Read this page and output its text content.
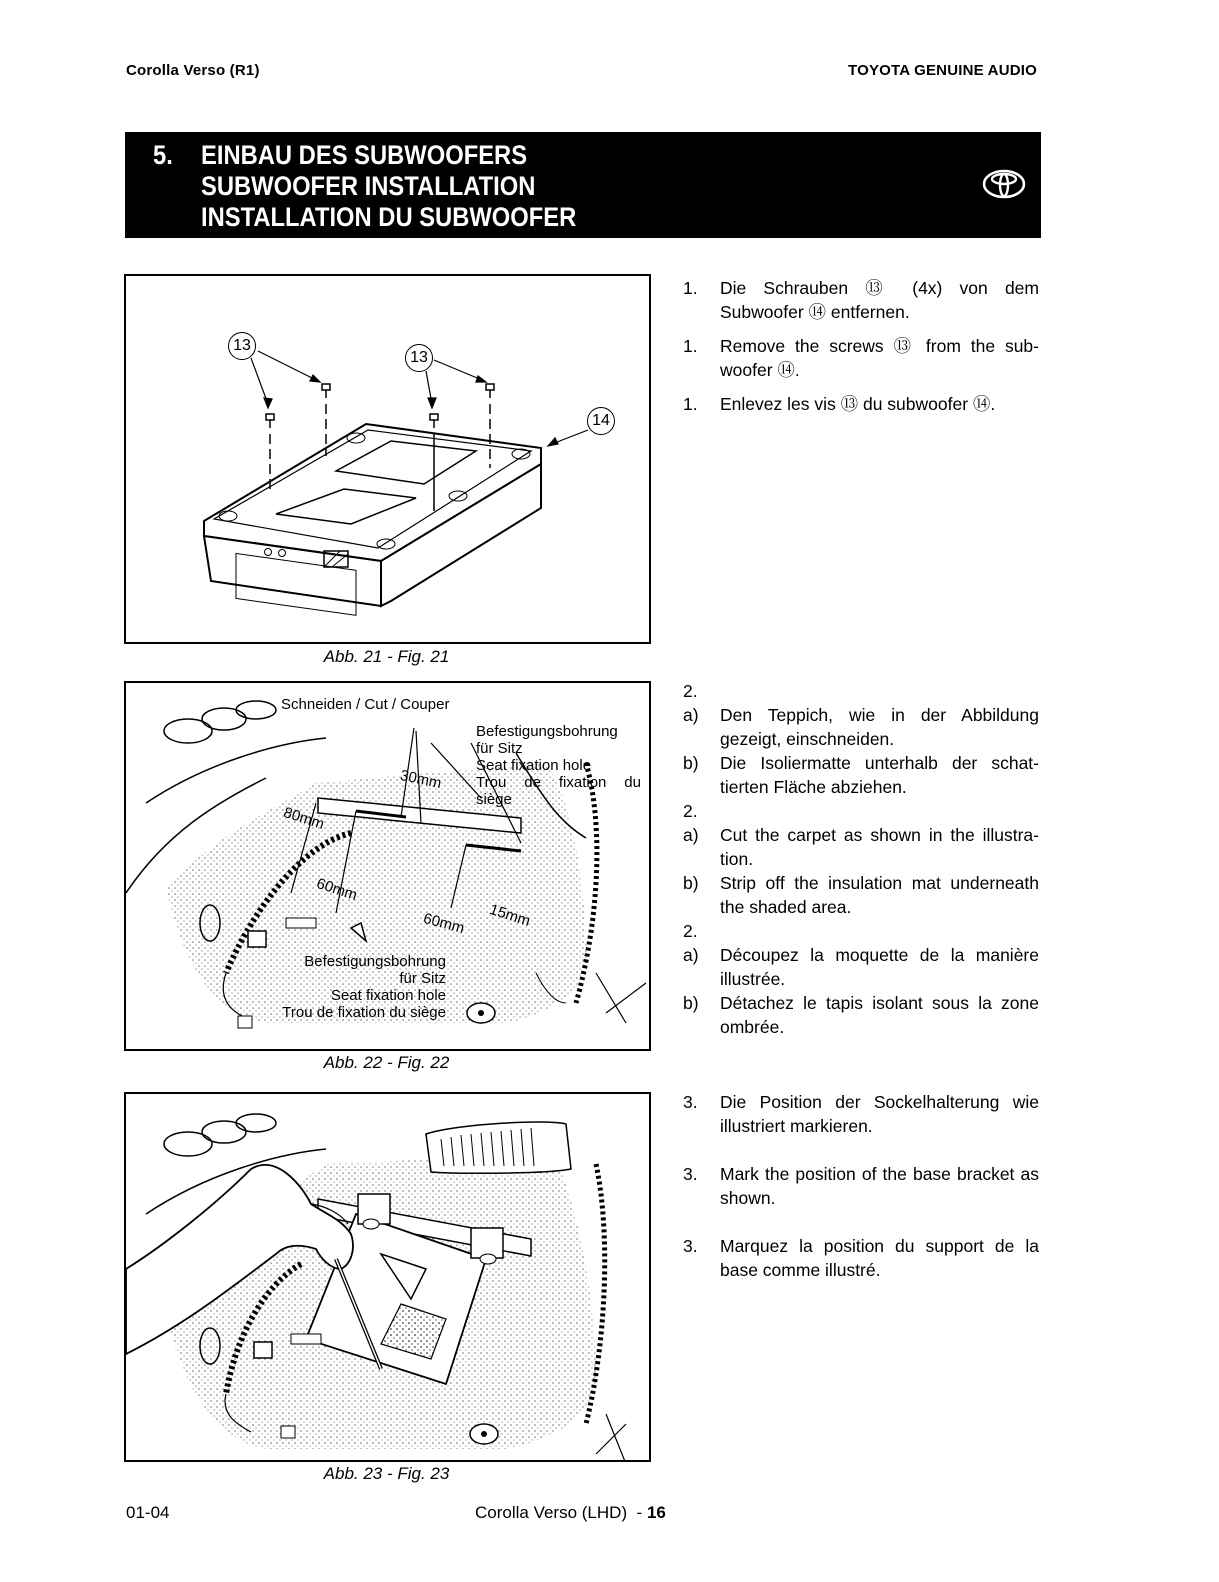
Corolla Verso (R1)	TOYOTA GENUINE AUDIO
5. EINBAU DES SUBWOOFERS
SUBWOOFER INSTALLATION
INSTALLATION DU SUBWOOFER
13
13
14
Abb. 21 - Fig. 21
Schneiden / Cut / Couper
Befestigungsbohrung
für Sitz
Seat fixation hole
Trou de fixation du
siège
30mm
80mm
60mm
60mm 15mm
Befestigungsbohrung
für Sitz
Seat fixation hole
Trou de fixation du siège
Abb. 22 - Fig. 22
Abb. 23 - Fig. 23
1.	Die Schrauben ⑬ (4x) von dem Subwoofer ⑭ entfernen.
1.	Remove the screws ⑬ from the sub-woofer ⑭.
1.	Enlevez les vis ⑬ du subwoofer ⑭.
2.
a)	Den Teppich, wie in der Abbildung gezeigt, einschneiden.
b)	Die Isoliermatte unterhalb der schat-tierten Fläche abziehen.
2.
a)	Cut the carpet as shown in the illustra-tion.
b)	Strip off the insulation mat underneath the shaded area.
2.
a)	Découpez la moquette de la manière illustrée.
b)	Détachez le tapis isolant sous la zone ombrée.
3.	Die Position der Sockelhalterung wie illustriert markieren.
3.	Mark the position of the base bracket as shown.
3.	Marquez la position du support de la base comme illustré.
01-04	Corolla Verso (LHD)  - 16
